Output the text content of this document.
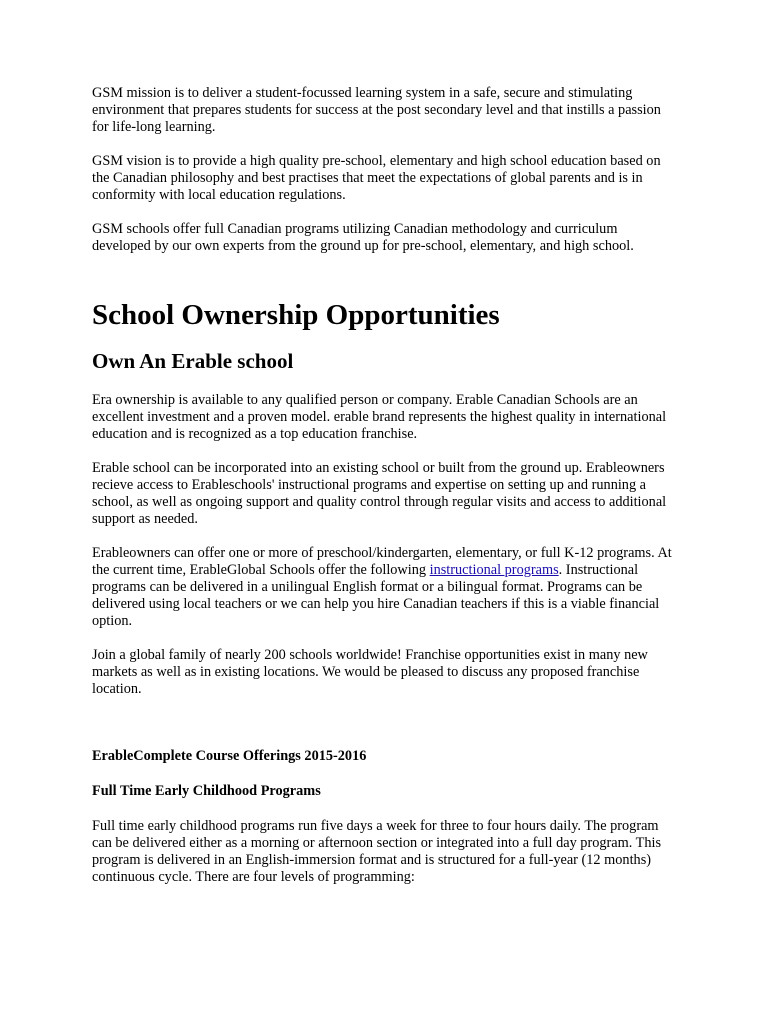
GSM mission is to deliver a student-focussed learning system in a safe, secure and stimulating environment that prepares students for success at the post secondary level and that instills a passion for life-long learning.

GSM vision is to provide a high quality pre-school, elementary and high school education based on the Canadian philosophy and best practises that meet the expectations of global parents and is in conformity with local education regulations.

GSM schools offer full Canadian programs utilizing Canadian methodology and curriculum developed by our own experts from the ground up for pre-school, elementary, and high school.

School Ownership Opportunities
Own An Erable school

Era ownership is available to any qualified person or company. Erable Canadian Schools are an excellent investment and a proven model. erable brand represents the highest quality in international education and is recognized as a top education franchise.

Erable school can be incorporated into an existing school or built from the ground up. Erableowners recieve access to Erableschools' instructional programs and expertise on setting up and running a school, as well as ongoing support and quality control through regular visits and access to additional support as needed.

Erableowners can offer one or more of preschool/kindergarten, elementary, or full K-12 programs. At the current time, ErableGlobal Schools offer the following instructional programs. Instructional programs can be delivered in a unilingual English format or a bilingual format. Programs can be delivered using local teachers or we can help you hire Canadian teachers if this is a viable financial option.

Join a global family of nearly 200 schools worldwide! Franchise opportunities exist in many new markets as well as in existing locations. We would be pleased to discuss any proposed franchise location.

ErableComplete Course Offerings 2015-2016

Full Time Early Childhood Programs

Full time early childhood programs run five days a week for three to four hours daily. The program can be delivered either as a morning or afternoon section or integrated into a full day program. This program is delivered in an English-immersion format and is structured for a full-year (12 months) continuous cycle. There are four levels of programming:
